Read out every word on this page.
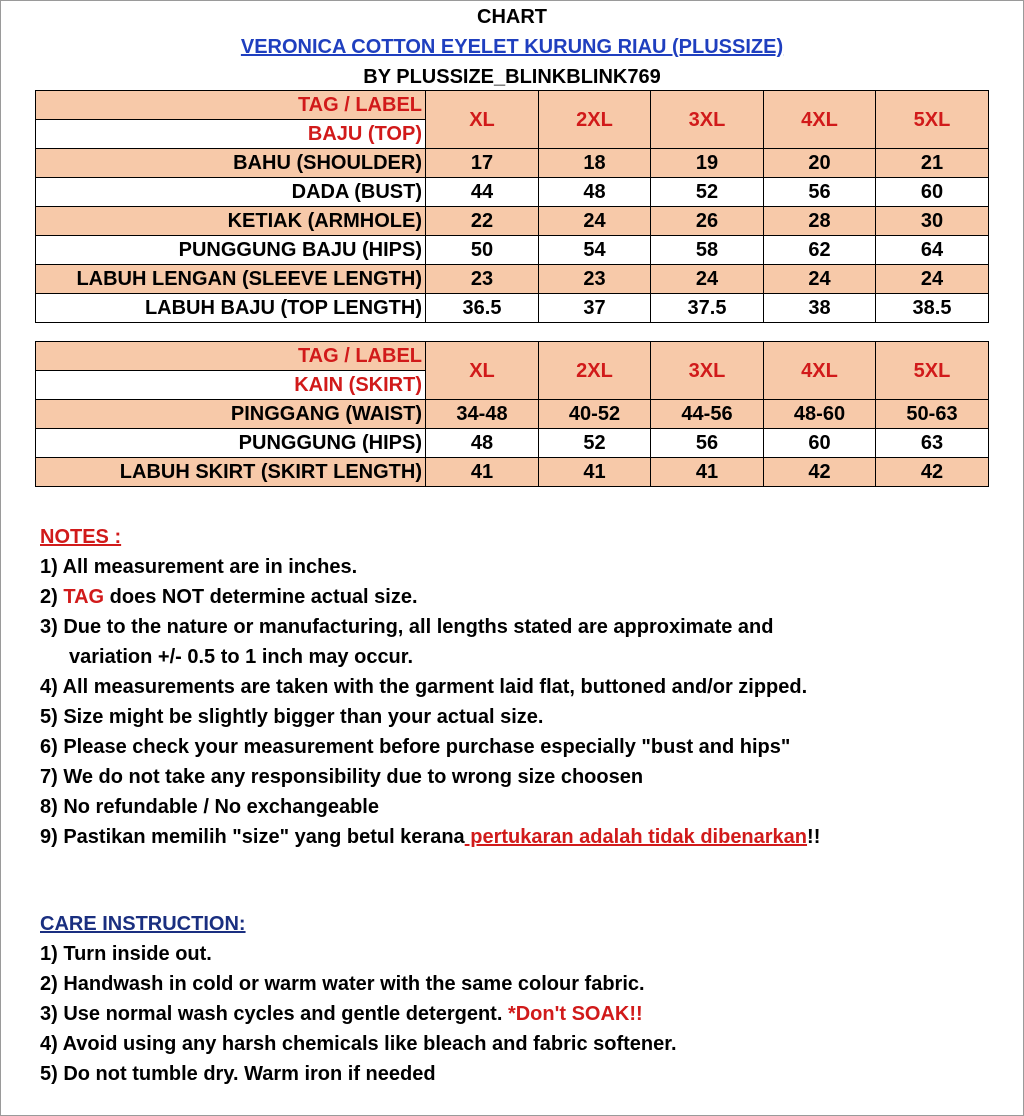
CHART
VERONICA COTTON EYELET KURUNG RIAU (PLUSSIZE)
BY PLUSSIZE_BLINKBLINK769
TAG / LABEL	XL	2XL	3XL	4XL	5XL
BAJU (TOP)					
BAHU (SHOULDER)	17	18	19	20	21
DADA (BUST)	44	48	52	56	60
KETIAK (ARMHOLE)	22	24	26	28	30
PUNGGUNG BAJU (HIPS)	50	54	58	62	64
LABUH LENGAN (SLEEVE LENGTH)	23	23	24	24	24
LABUH BAJU (TOP LENGTH)	36.5	37	37.5	38	38.5
TAG / LABEL	XL	2XL	3XL	4XL	5XL
KAIN (SKIRT)					
PINGGANG (WAIST)	34-48	40-52	44-56	48-60	50-63
PUNGGUNG (HIPS)	48	52	56	60	63
LABUH SKIRT (SKIRT LENGTH)	41	41	41	42	42
NOTES :
1) All measurement are in inches.
2) TAG does NOT determine actual size.
3) Due to the nature or manufacturing, all lengths stated are approximate and
variation +/- 0.5 to 1 inch may occur.
4) All measurements are taken with the garment laid flat, buttoned and/or zipped.
5) Size might be slightly bigger than your actual size.
6) Please check your measurement before purchase especially "bust and hips"
7) We do not take any responsibility due to wrong size choosen
8) No refundable / No exchangeable
9) Pastikan memilih "size" yang betul kerana pertukaran adalah tidak dibenarkan!!
CARE INSTRUCTION:
1) Turn inside out.
2) Handwash in cold or warm water with the same colour fabric.
3) Use normal wash cycles and gentle detergent. *Don't SOAK!!
4) Avoid using any harsh chemicals like bleach and fabric softener.
5) Do not tumble dry. Warm iron if needed
